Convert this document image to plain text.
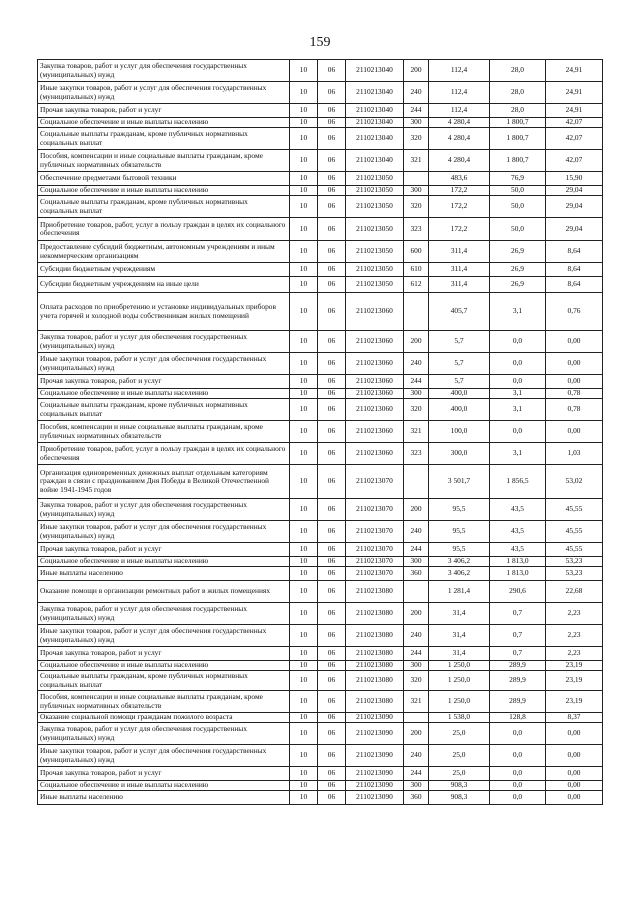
159
Закупка товаров, работ и услуг для обеспечения государственных (муниципальных) нужд	10	06	2110213040	200	112,4	28,0	24,91
Иные закупки товаров, работ и услуг для обеспечения государственных (муниципальных) нужд	10	06	2110213040	240	112,4	28,0	24,91
Прочая закупка товаров, работ и услуг	10	06	2110213040	244	112,4	28,0	24,91
Социальное обеспечение и иные выплаты населению	10	06	2110213040	300	4 280,4	1 800,7	42,07
Социальные выплаты гражданам, кроме публичных нормативных социальных выплат	10	06	2110213040	320	4 280,4	1 800,7	42,07
Пособия, компенсации и иные социальные выплаты гражданам, кроме публичных нормативных обязательств	10	06	2110213040	321	4 280,4	1 800,7	42,07
Обеспечение предметами бытовой техники	10	06	2110213050		483,6	76,9	15,90
Социальное обеспечение и иные выплаты населению	10	06	2110213050	300	172,2	50,0	29,04
Социальные выплаты гражданам, кроме публичных нормативных социальных выплат	10	06	2110213050	320	172,2	50,0	29,04
Приобретение товаров, работ, услуг в пользу граждан в целях их социального обеспечения	10	06	2110213050	323	172,2	50,0	29,04
Предоставление субсидий бюджетным, автономным учреждениям и иным некоммерческим организациям	10	06	2110213050	600	311,4	26,9	8,64
Субсидии бюджетным учреждениям	10	06	2110213050	610	311,4	26,9	8,64
Субсидии бюджетным учреждениям на иные цели	10	06	2110213050	612	311,4	26,9	8,64
Оплата расходов по приобретению и установке индивидуальных приборов учета горячей и холодной воды собственникам жилых помещений	10	06	2110213060		405,7	3,1	0,76
Закупка товаров, работ и услуг для обеспечения государственных (муниципальных) нужд	10	06	2110213060	200	5,7	0,0	0,00
Иные закупки товаров, работ и услуг для обеспечения государственных (муниципальных) нужд	10	06	2110213060	240	5,7	0,0	0,00
Прочая закупка товаров, работ и услуг	10	06	2110213060	244	5,7	0,0	0,00
Социальное обеспечение и иные выплаты населению	10	06	2110213060	300	400,0	3,1	0,78
Социальные выплаты гражданам, кроме публичных нормативных социальных выплат	10	06	2110213060	320	400,0	3,1	0,78
Пособия, компенсации и иные социальные выплаты гражданам, кроме публичных нормативных обязательств	10	06	2110213060	321	100,0	0,0	0,00
Приобретение товаров, работ, услуг в пользу граждан в целях их социального обеспечения	10	06	2110213060	323	300,0	3,1	1,03
Организация единовременных денежных выплат отдельным категориям граждан в связи с празднованием Дня Победы в Великой Отечественной войне 1941-1945 годов	10	06	2110213070		3 501,7	1 856,5	53,02
Закупка товаров, работ и услуг для обеспечения государственных (муниципальных) нужд	10	06	2110213070	200	95,5	43,5	45,55
Иные закупки товаров, работ и услуг для обеспечения государственных (муниципальных) нужд	10	06	2110213070	240	95,5	43,5	45,55
Прочая закупка товаров, работ и услуг	10	06	2110213070	244	95,5	43,5	45,55
Социальное обеспечение и иные выплаты населению	10	06	2110213070	300	3 406,2	1 813,0	53,23
Иные выплаты населению	10	06	2110213070	360	3 406,2	1 813,0	53,23
Оказание помощи в организации ремонтных работ в жилых помещениях	10	06	2110213080		1 281,4	290,6	22,68
Закупка товаров, работ и услуг для обеспечения государственных (муниципальных) нужд	10	06	2110213080	200	31,4	0,7	2,23
Иные закупки товаров, работ и услуг для обеспечения государственных (муниципальных) нужд	10	06	2110213080	240	31,4	0,7	2,23
Прочая закупка товаров, работ и услуг	10	06	2110213080	244	31,4	0,7	2,23
Социальное обеспечение и иные выплаты населению	10	06	2110213080	300	1 250,0	289,9	23,19
Социальные выплаты гражданам, кроме публичных нормативных социальных выплат	10	06	2110213080	320	1 250,0	289,9	23,19
Пособия, компенсации и иные социальные выплаты гражданам, кроме публичных нормативных обязательств	10	06	2110213080	321	1 250,0	289,9	23,19
Оказание социальной помощи гражданам пожилого возраста	10	06	2110213090		1 538,0	128,8	8,37
Закупка товаров, работ и услуг для обеспечения государственных (муниципальных) нужд	10	06	2110213090	200	25,0	0,0	0,00
Иные закупки товаров, работ и услуг для обеспечения государственных (муниципальных) нужд	10	06	2110213090	240	25,0	0,0	0,00
Прочая закупка товаров, работ и услуг	10	06	2110213090	244	25,0	0,0	0,00
Социальное обеспечение и иные выплаты населению	10	06	2110213090	300	908,3	0,0	0,00
Иные выплаты населению	10	06	2110213090	360	908,3	0,0	0,00
